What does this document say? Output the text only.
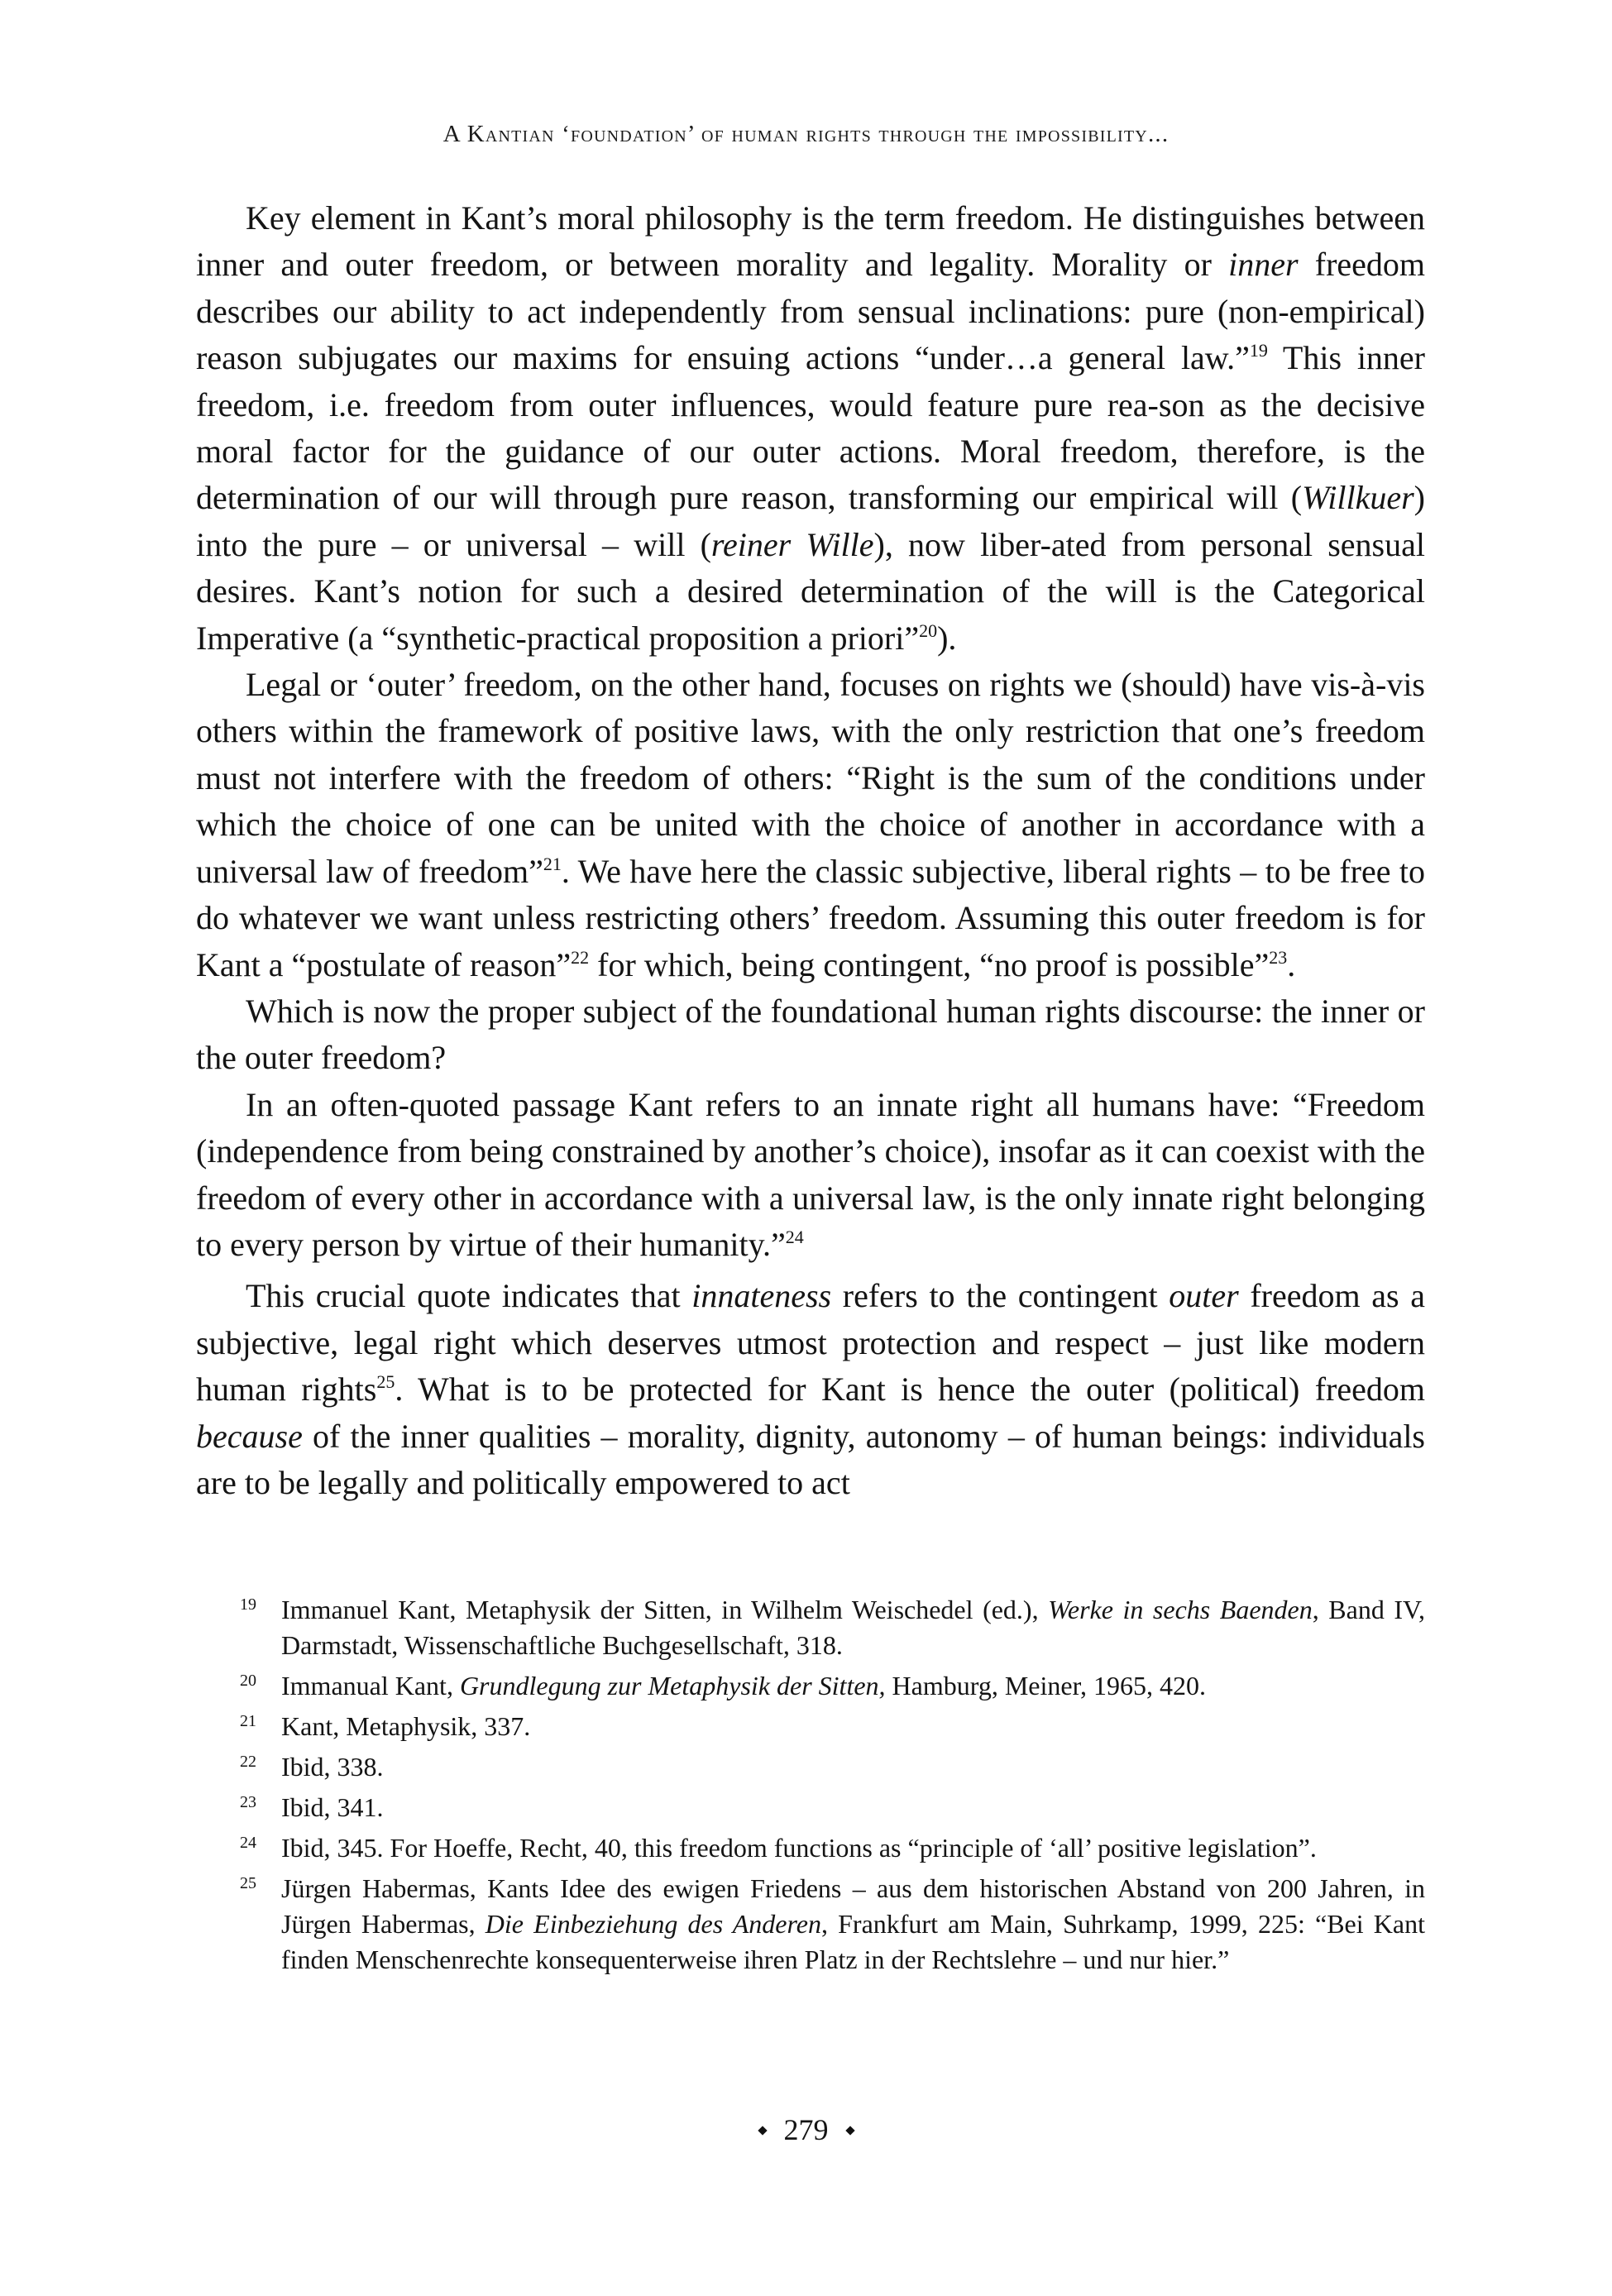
A Kantian ‘foundation’ of human rights through the impossibility...

Key element in Kant’s moral philosophy is the term freedom. He distinguishes between inner and outer freedom, or between morality and legality. Morality or inner freedom describes our ability to act independently from sensual inclinations: pure (non-empirical) reason subjugates our maxims for ensuing actions “under…a general law.”$^{19}$ This inner freedom, i.e. freedom from outer influences, would feature pure rea-son as the decisive moral factor for the guidance of our outer actions. Moral freedom, therefore, is the determination of our will through pure reason, transforming our empirical will (Willkuer) into the pure – or universal – will (reiner Wille), now liber-ated from personal sensual desires. Kant’s notion for such a desired determination of the will is the Categorical Imperative (a “synthetic-practical proposition a priori”$^{20}$).

Legal or ‘outer’ freedom, on the other hand, focuses on rights we (should) have vis-à-vis others within the framework of positive laws, with the only restriction that one’s freedom must not interfere with the freedom of others: “Right is the sum of the conditions under which the choice of one can be united with the choice of another in accordance with a universal law of freedom”$^{21}$. We have here the classic subjective, liberal rights – to be free to do whatever we want unless restricting others’ freedom. Assuming this outer freedom is for Kant a “postulate of reason”$^{22}$ for which, being contingent, “no proof is possible”$^{23}$.

Which is now the proper subject of the foundational human rights discourse: the inner or the outer freedom?

In an often-quoted passage Kant refers to an innate right all humans have: “Freedom (independence from being constrained by another’s choice), insofar as it can coexist with the freedom of every other in accordance with a universal law, is the only innate right belonging to every person by virtue of their humanity.”$^{24}$

This crucial quote indicates that innateness refers to the contingent outer freedom as a subjective, legal right which deserves utmost protection and respect – just like modern human rights$^{25}$. What is to be protected for Kant is hence the outer (political) freedom because of the inner qualities – morality, dignity, autonomy – of human beings: individuals are to be legally and politically empowered to act

19 Immanuel Kant, Metaphysik der Sitten, in Wilhelm Weischedel (ed.), Werke in sechs Baenden, Band IV, Darmstadt, Wissenschaftliche Buchgesellschaft, 318.
20 Immanual Kant, Grundlegung zur Metaphysik der Sitten, Hamburg, Meiner, 1965, 420.
21 Kant, Metaphysik, 337.
22 Ibid, 338.
23 Ibid, 341.
24 Ibid, 345. For Hoeffe, Recht, 40, this freedom functions as “principle of ‘all’ positive legislation”.
25 Jürgen Habermas, Kants Idee des ewigen Friedens – aus dem historischen Abstand von 200 Jahren, in Jürgen Habermas, Die Einbeziehung des Anderen, Frankfurt am Main, Suhrkamp, 1999, 225: “Bei Kant finden Menschenrechte konsequenterweise ihren Platz in der Rechtslehre – und nur hier.”
279
